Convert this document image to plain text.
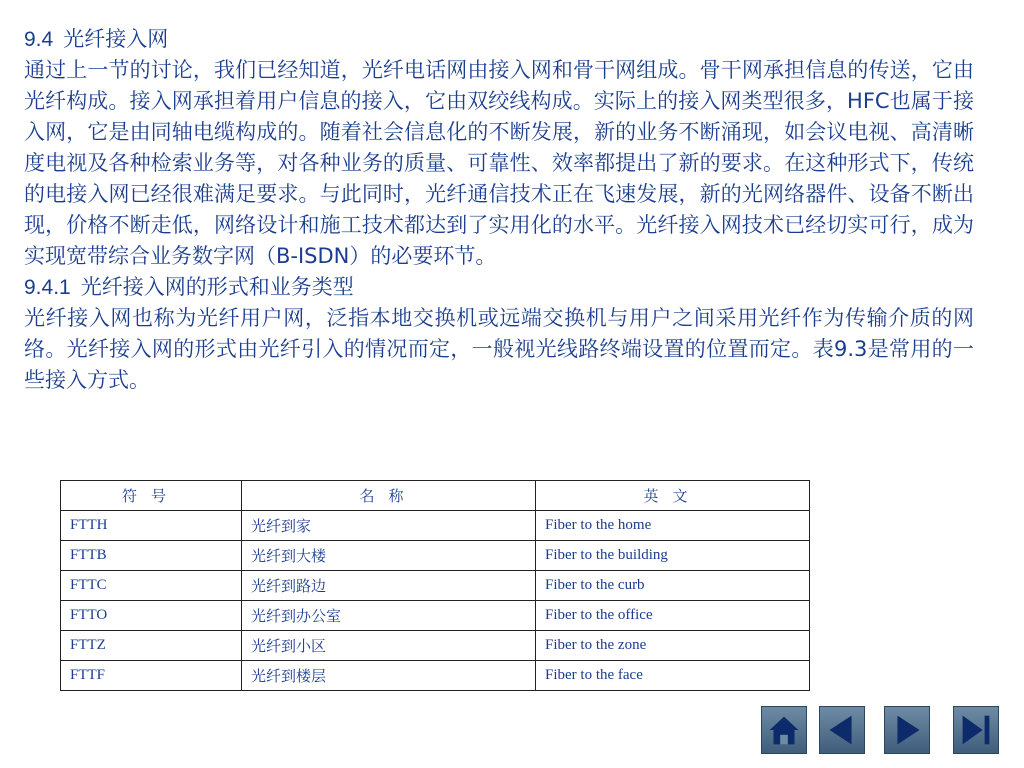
9.4 光纤接入网

通过上一节的讨论，我们已经知道，光纤电话网由接入网和骨干网组成。骨干网承担信息的传送，它由光纤构成。接入网承担着用户信息的接入，它由双绞线构成。实际上的接入网类型很多，HFC也属于接入网，它是由同轴电缆构成的。随着社会信息化的不断发展，新的业务不断涌现，如会议电视、高清晰度电视及各种检索业务等，对各种业务的质量、可靠性、效率都提出了新的要求。在这种形式下，传统的电接入网已经很难满足要求。与此同时，光纤通信技术正在飞速发展，新的光网络器件、设备不断出现，价格不断走低，网络设计和施工技术都达到了实用化的水平。光纤接入网技术已经切实可行，成为实现宽带综合业务数字网（B-ISDN）的必要环节。

9.4.1 光纤接入网的形式和业务类型

光纤接入网也称为光纤用户网，泛指本地交换机或远端交换机与用户之间采用光纤作为传输介质的网络。光纤接入网的形式由光纤引入的情况而定，一般视光线路终端设置的位置而定。表9.3是常用的一些接入方式。

符号	名称	英文
FTTH	光纤到家	Fiber to the home
FTTB	光纤到大楼	Fiber to the building
FTTC	光纤到路边	Fiber to the curb
FTTO	光纤到办公室	Fiber to the office
FTTZ	光纤到小区	Fiber to the zone
FTTF	光纤到楼层	Fiber to the face
